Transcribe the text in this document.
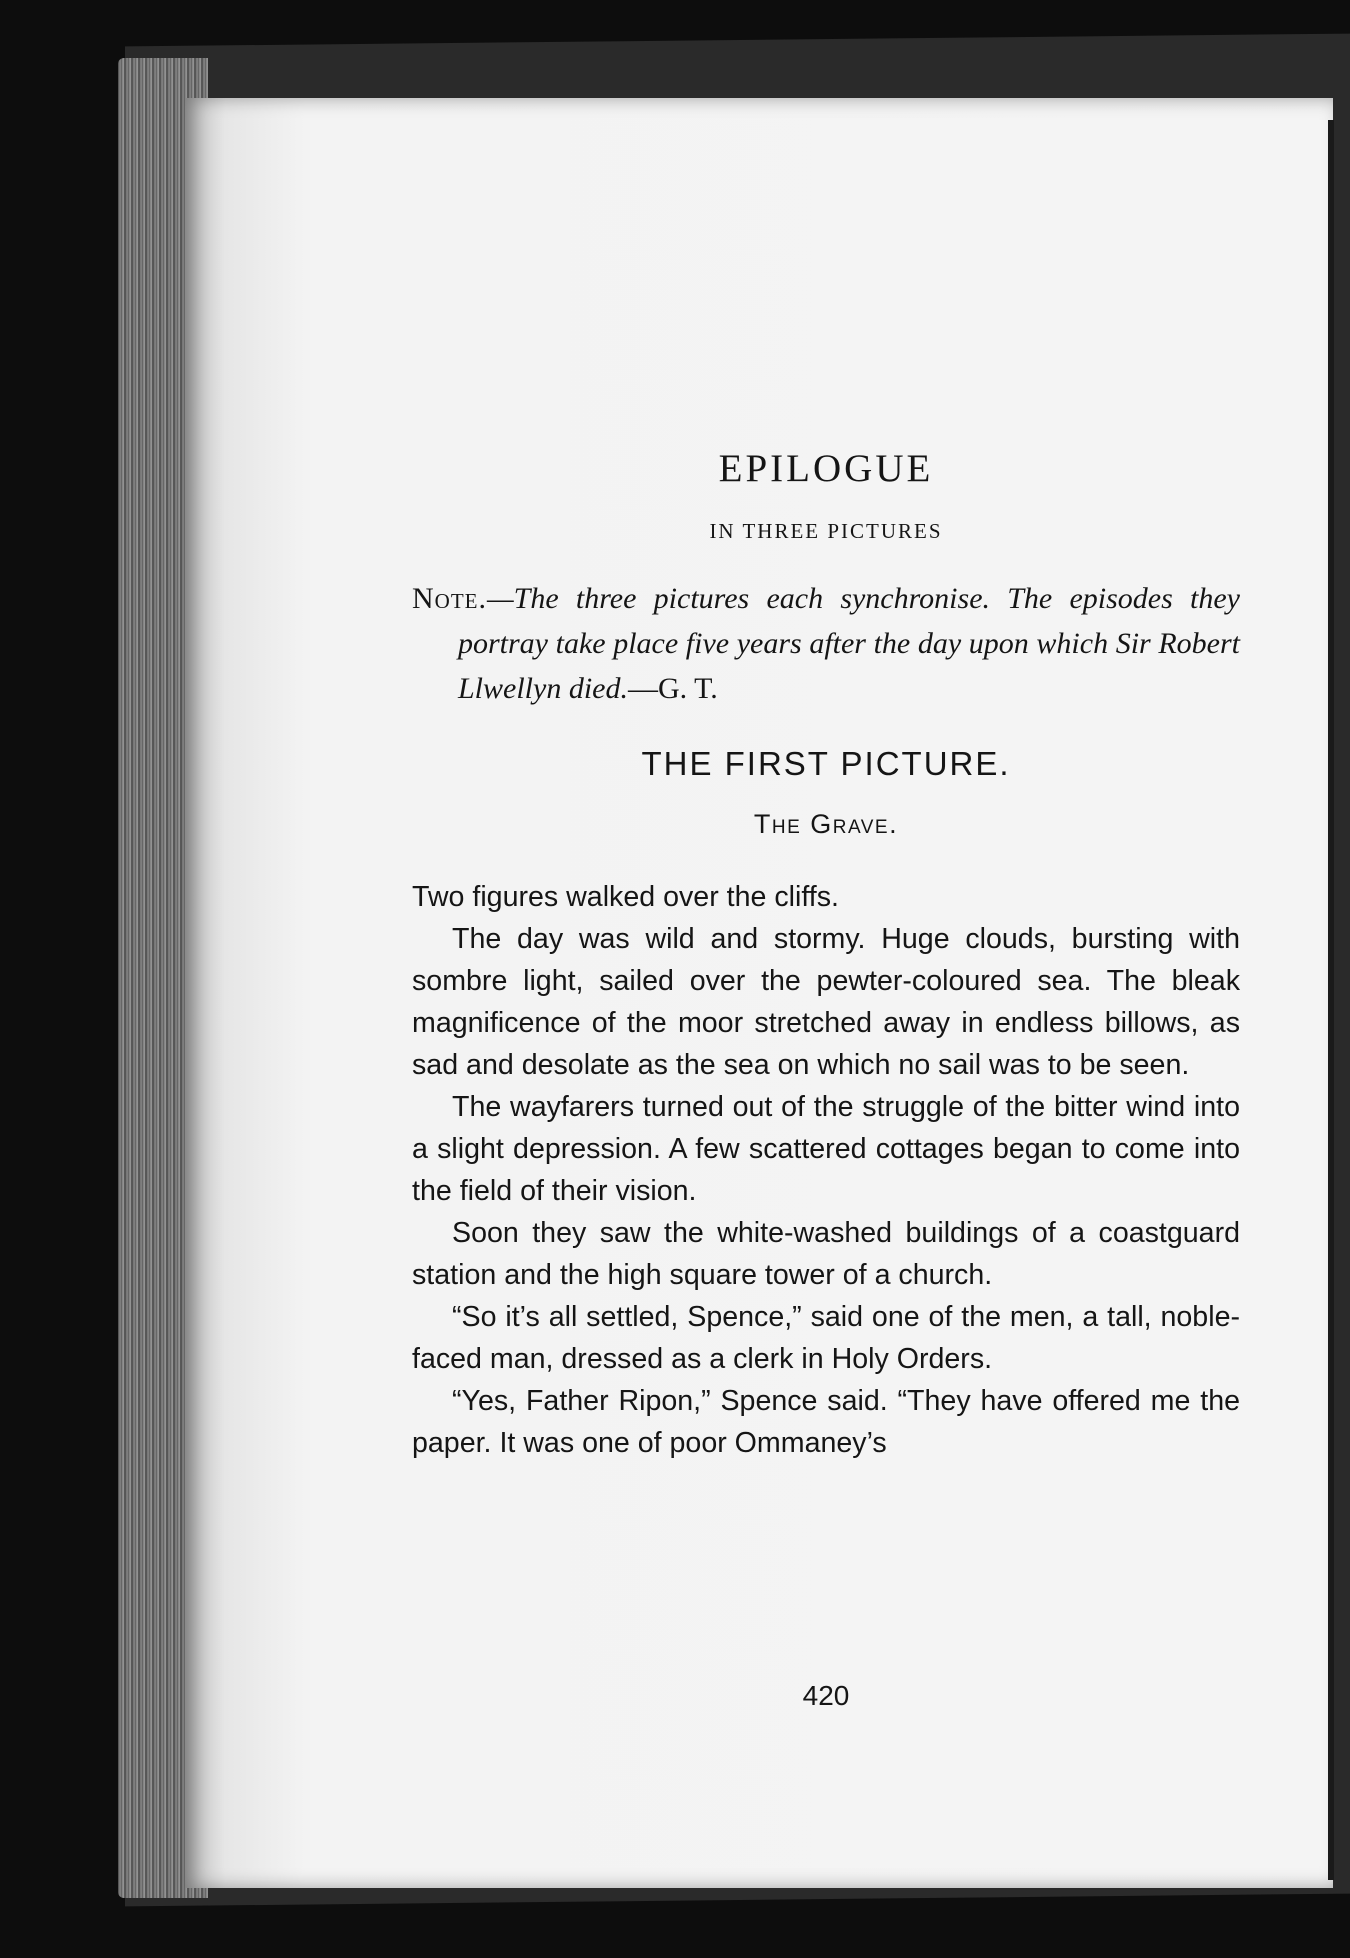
EPILOGUE
IN THREE PICTURES

Note.—The three pictures each synchronise. The episodes they portray take place five years after the day upon which Sir Robert Llwellyn died.—G. T.

THE FIRST PICTURE.
The Grave.

Two figures walked over the cliffs.

The day was wild and stormy. Huge clouds, bursting with sombre light, sailed over the pewter-coloured sea. The bleak magnificence of the moor stretched away in endless billows, as sad and desolate as the sea on which no sail was to be seen.

The wayfarers turned out of the struggle of the bitter wind into a slight depression. A few scattered cottages began to come into the field of their vision.

Soon they saw the white-washed buildings of a coastguard station and the high square tower of a church.

“So it’s all settled, Spence,” said one of the men, a tall, noble-faced man, dressed as a clerk in Holy Orders.

“Yes, Father Ripon,” Spence said. “They have offered me the paper. It was one of poor Ommaney’s

420
